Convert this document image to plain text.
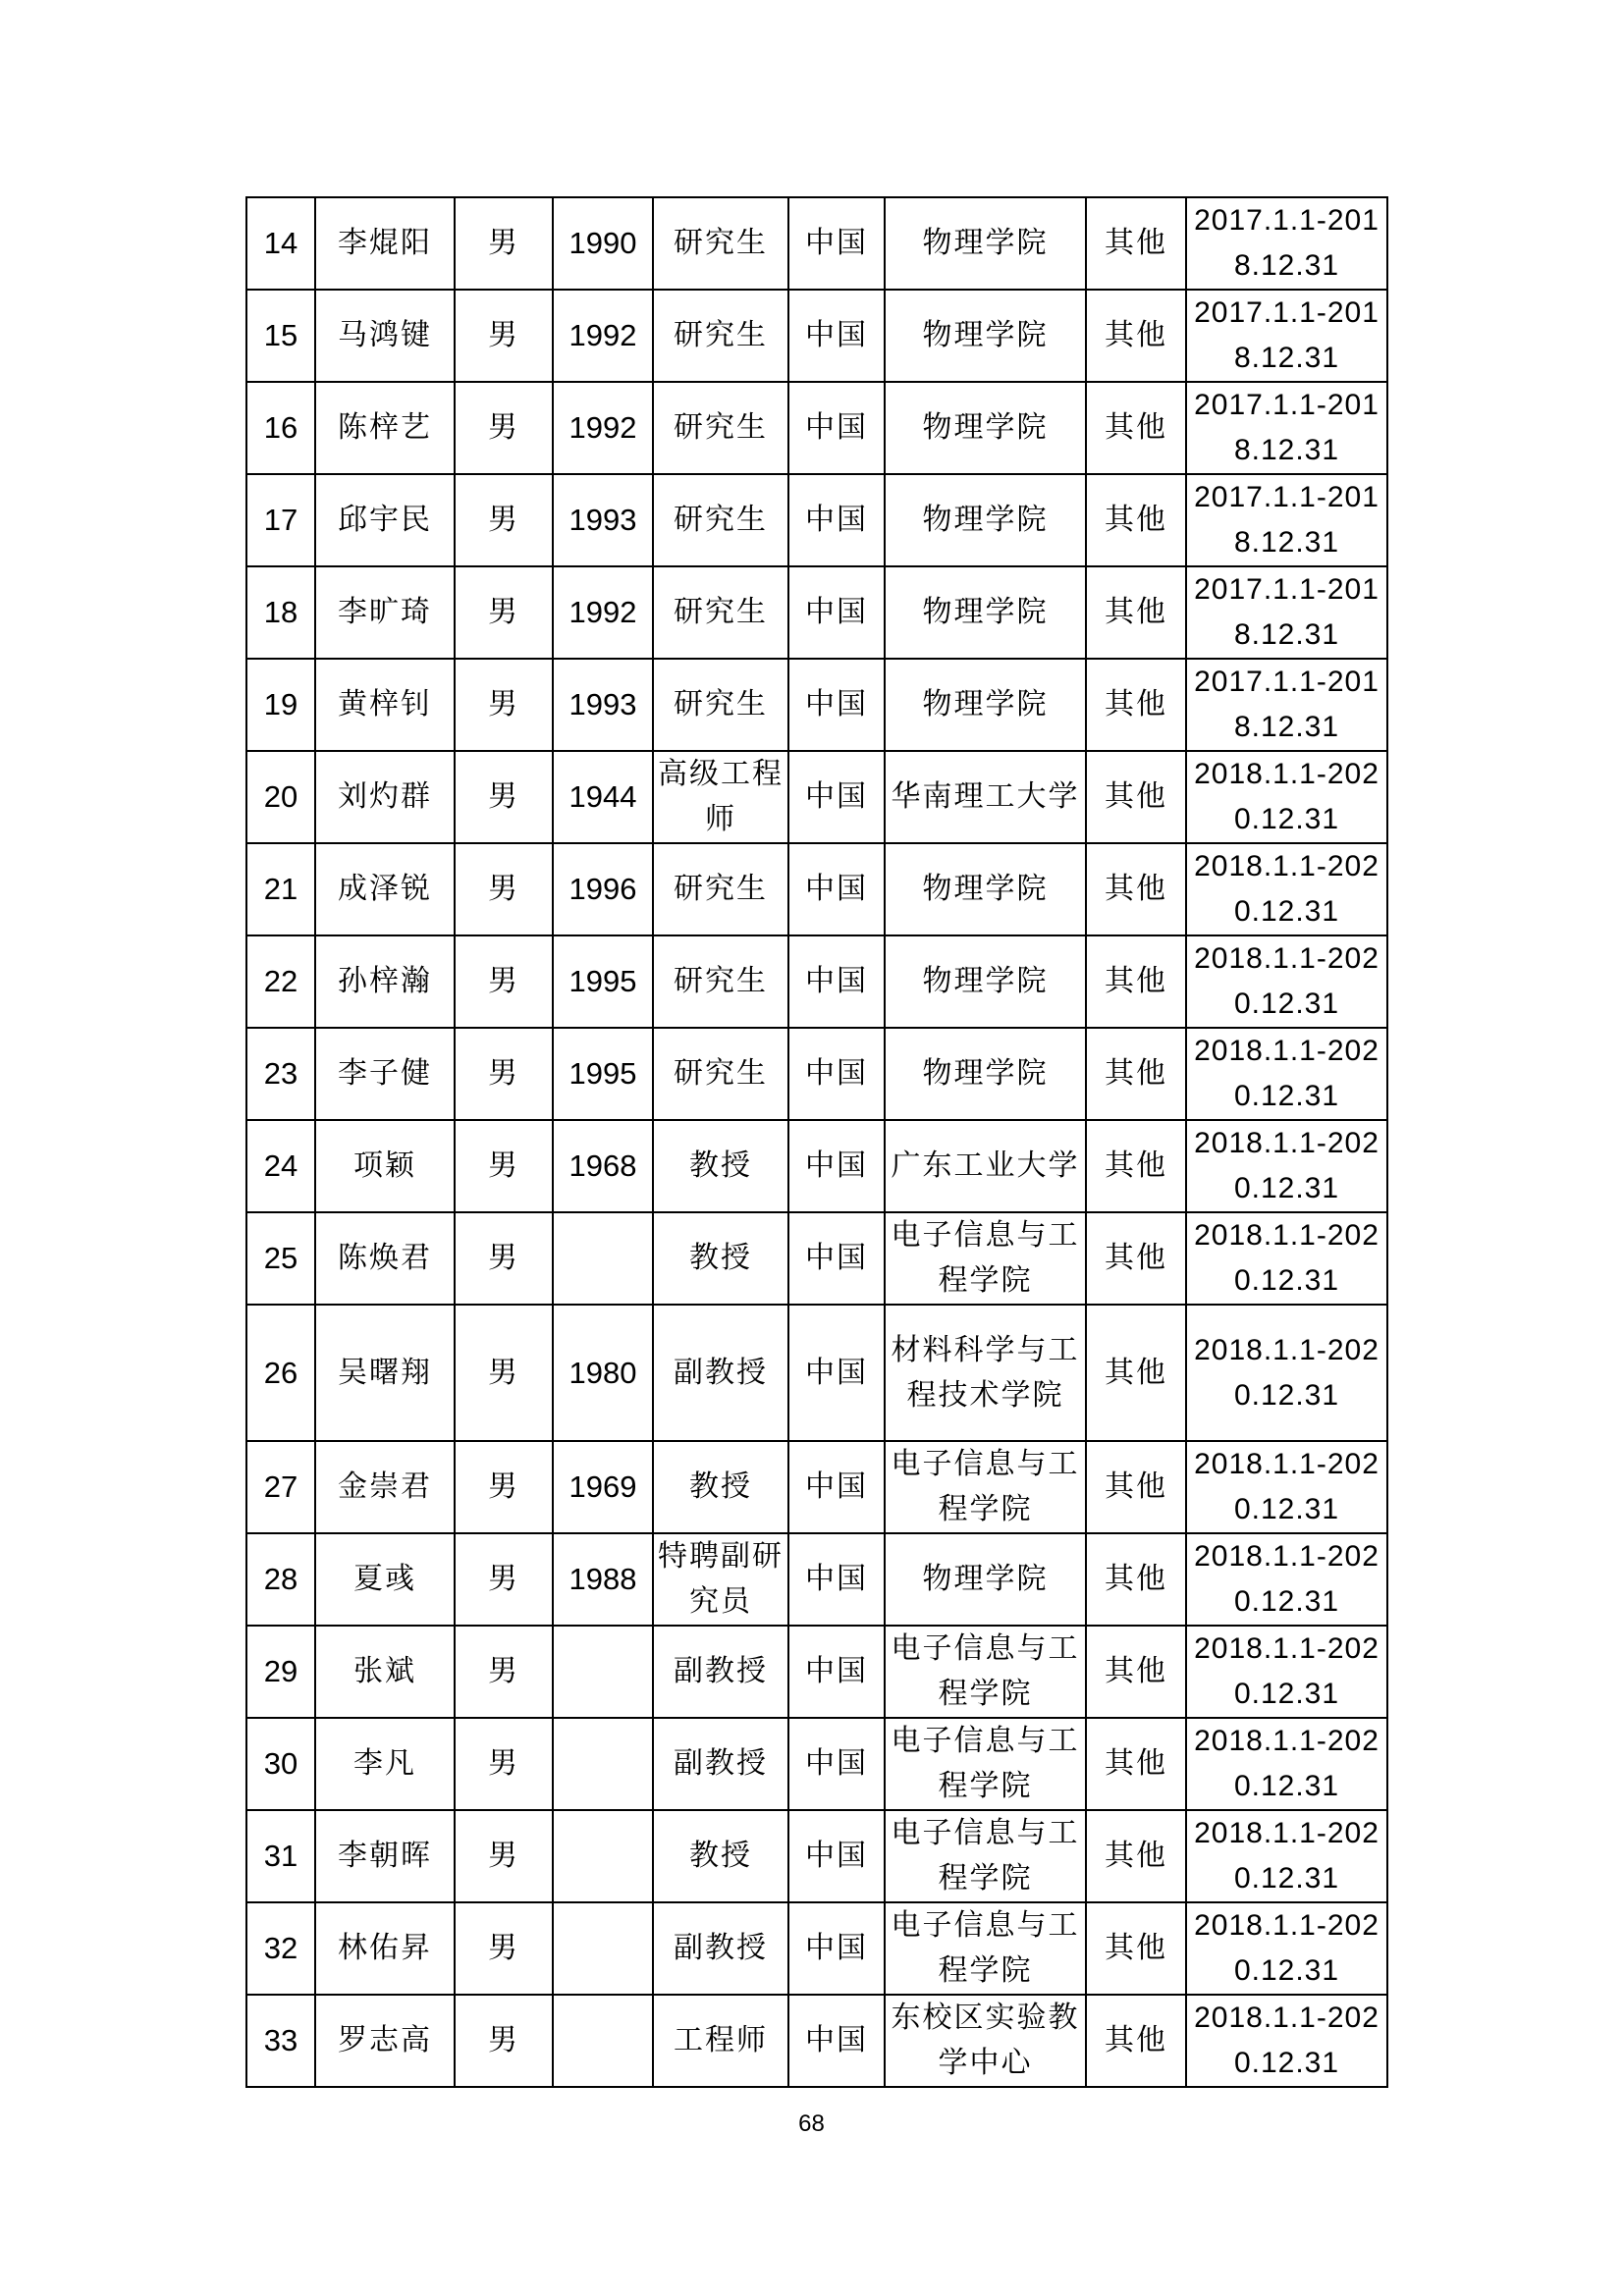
14	李焜阳	男	1990	研究生	中国	物理学院	其他	2017.1.1-2018.12.31
15	马鸿键	男	1992	研究生	中国	物理学院	其他	2017.1.1-2018.12.31
16	陈梓艺	男	1992	研究生	中国	物理学院	其他	2017.1.1-2018.12.31
17	邱宇民	男	1993	研究生	中国	物理学院	其他	2017.1.1-2018.12.31
18	李旷琦	男	1992	研究生	中国	物理学院	其他	2017.1.1-2018.12.31
19	黄梓钊	男	1993	研究生	中国	物理学院	其他	2017.1.1-2018.12.31
20	刘灼群	男	1944	高级工程师	中国	华南理工大学	其他	2018.1.1-2020.12.31
21	成泽锐	男	1996	研究生	中国	物理学院	其他	2018.1.1-2020.12.31
22	孙梓瀚	男	1995	研究生	中国	物理学院	其他	2018.1.1-2020.12.31
23	李子健	男	1995	研究生	中国	物理学院	其他	2018.1.1-2020.12.31
24	项颖	男	1968	教授	中国	广东工业大学	其他	2018.1.1-2020.12.31
25	陈焕君	男		教授	中国	电子信息与工程学院	其他	2018.1.1-2020.12.31
26	吴曙翔	男	1980	副教授	中国	材料科学与工程技术学院	其他	2018.1.1-2020.12.31
27	金崇君	男	1969	教授	中国	电子信息与工程学院	其他	2018.1.1-2020.12.31
28	夏彧	男	1988	特聘副研究员	中国	物理学院	其他	2018.1.1-2020.12.31
29	张斌	男		副教授	中国	电子信息与工程学院	其他	2018.1.1-2020.12.31
30	李凡	男		副教授	中国	电子信息与工程学院	其他	2018.1.1-2020.12.31
31	李朝晖	男		教授	中国	电子信息与工程学院	其他	2018.1.1-2020.12.31
32	林佑昇	男		副教授	中国	电子信息与工程学院	其他	2018.1.1-2020.12.31
33	罗志高	男		工程师	中国	东校区实验教学中心	其他	2018.1.1-2020.12.31
68
